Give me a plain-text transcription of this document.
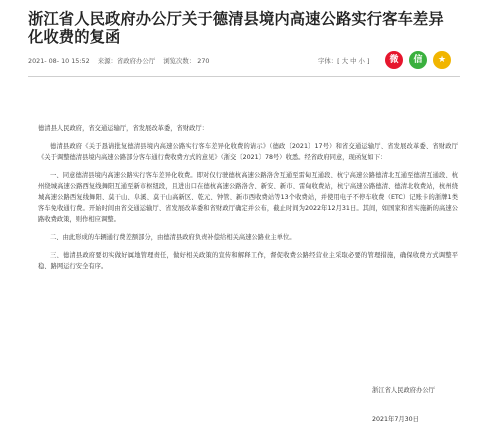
浙江省人民政府办公厅关于德清县境内高速公路实行客车差异化收费的复函
2021- 08- 10 15:52 来源：省政府办公厅 浏览次数： 270	字体：[ 大 中 小 ]	微	信	★

德清县人民政府，省交通运输厅，省发展改革委，省财政厅：

德清县政府《关于恳请批复德清县境内高速公路实行客车差异化收费的请示》（德政〔2021〕17号）和省交通运输厅、省发展改革委、省财政厅《关于调整德清县境内高速公路部分客车通行费收费方式的意见》（浙交〔2021〕78号）收悉。经省政府同意，现函复如下：

一、同意德清县境内高速公路实行客车差异化收费。即对仅行驶德杭高速公路洛舍互通至雷甸互通段、杭宁高速公路德清北互通至德清互通段、杭州绕城高速公路西复线舞阳互通至新市枢纽段，且进出口在德杭高速公路洛舍、新安、新市、雷甸收费站，杭宁高速公路德清、德清北收费站，杭州绕城高速公路西复线舞阳、莫干山、阜溪、莫干山高新区、乾元、钟管、新市西收费站等13个收费站，并使用电子不停车收费（ETC）记账卡的浙牌1类客车免收通行费。开始时间由省交通运输厅、省发展改革委和省财政厅确定并公布，截止时间为2022年12月31日。其间，如国家和省实施新的高速公路收费政策，则作相应调整。

二、由此形成的车辆通行费差额部分，由德清县政府负责补偿给相关高速公路业主单位。

三、德清县政府要切实做好属地管理责任，做好相关政策的宣传和解释工作，督促收费公路经营业主采取必要的管理措施，确保收费方式调整平稳、路网运行安全有序。

浙江省人民政府办公厅
2021年7月30日
